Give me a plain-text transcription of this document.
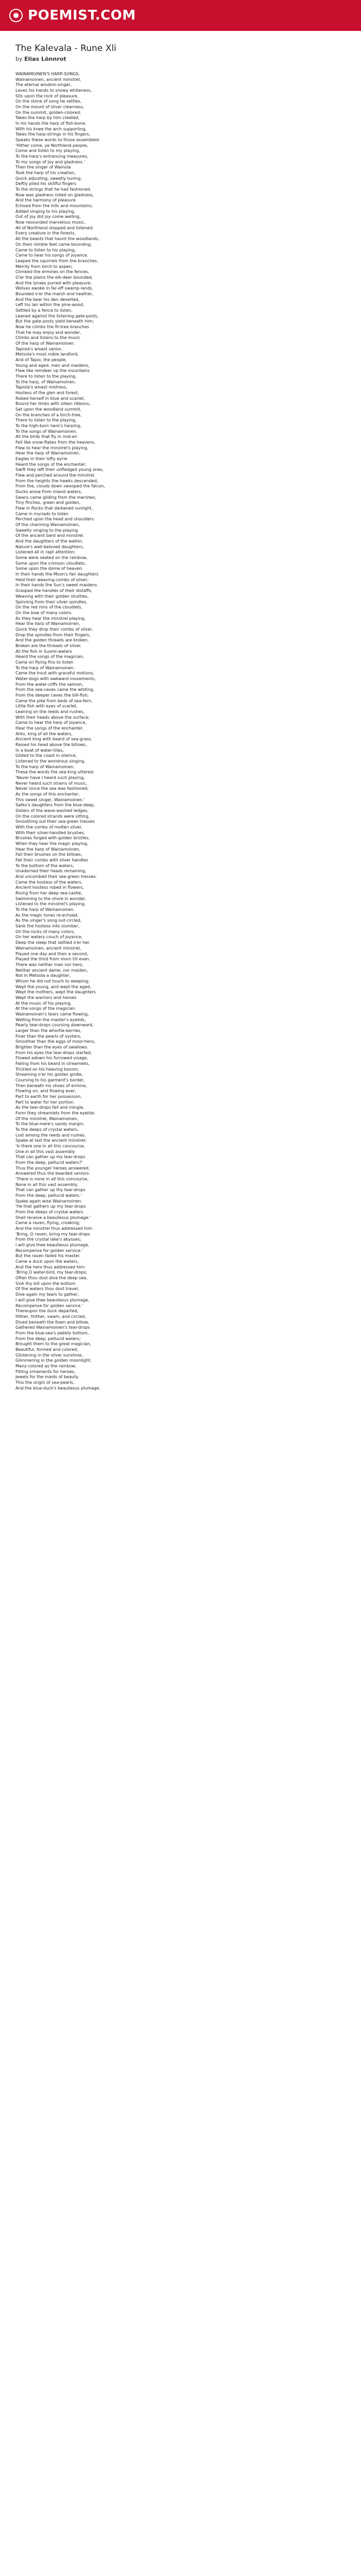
POEMIST.COM
The Kalevala - Rune Xli
by Elias Lönnrot
WAINAMOINEN'S HARP-SONGS.
Wainamoinen, ancient minstrel,
The eternal wisdom-singer,
Laves his hands to snowy whiteness,
Sits upon the rock of pleasure,
On the stone of song he settles,
On the mount of silver clearness,
On the summit, golden-colored;
Takes the harp by him created,
In his hands the harp of fish-bone,
With his knee the arch supporting,
Takes the harp-strings in his fingers,
Speaks these words to those assembled:
'Hither come, ye Northland people,
Come and listen to my playing,
To the harp's entrancing measures,
To my songs of joy and gladness.'
Then the singer of Wainola
Took the harp of his creation,
Quick adjusting, sweetly tuning,
Deftly plied his skillful fingers
To the strings that he had fashioned.
Now was gladness rolled on gladness,
And the harmony of pleasure
Echoed from the hills and mountains;
Added singing to his playing,
Out of joy did joy come welling,
Now resounded marvelous music,
All of Northland stopped and listened.
Every creature in the forests,
All the beasts that haunt the woodlands,
On their nimble feet came bounding,
Came to listen to his playing,
Came to hear his songs of joyance.
Leaped the squirrels from the branches,
Merrily from birch to aspen;
Climbed the ermines on the fences,
O'er the plains the elk-deer bounded,
And the lynxes purred with pleasure;
Wolves awoke in far-off swamp-lands,
Bounded o'er the marsh and heather,
And the bear his den deserted,
Left his lair within the pine-wood,
Settled by a fence to listen,
Leaned against the listening gate-posts,
But the gate-posts yield beneath him;
Now he climbs the fir-tree branches
That he may enjoy and wonder,
Climbs and listens to the music
Of the harp of Wainamoinen.
Tapiola's wisest senior,
Metsola's most noble landlord,
And of Tapio, the people,
Young and aged, men and maidens,
Flew like reindeer up the mountains
There to listen to the playing,
To the harp, of Wainamoinen.
Tapiola's wisest mistress,
Hostess of the glen and forest,
Robed herself in blue and scarlet,
Bound her limbs with silken ribbons,
Sat upon the woodland summit,
On the branches of a birch-tree,
There to listen to the playing,
To the high-born hero's harping,
To the songs of Wainamoinen.
All the birds that fly in mid-air
Fell like snow-flakes from the heavens,
Flew to hear the minstrel's playing,
Hear the harp of Wainamoinen.
Eagles in their lofty eyrie
Heard the songs of the enchanter;
Swift they left their unfledged young ones,
Flew and perched around the minstrel.
From the heights the hawks descended,
From the, clouds down swooped the falcon,
Ducks arose from inland waters,
Swans came gliding from the marshes;
Tiny finches, green and golden,
Flew in flocks that darkened sunlight,
Came in myriads to listen
Perched upon the head and shoulders
Of the charming Wainamoinen,
Sweetly singing to the playing
Of the ancient bard and minstrel.
And the daughters of the welkin,
Nature's well-beloved daughters,
Listened all in rapt attention;
Some were seated on the rainbow,
Some upon the crimson cloudlets,
Some upon the dome of heaven.
In their hands the Moon's fair daughters
Held their weaving-combs of silver;
In their hands the Sun's sweet maidens
Grasped the handles of their distaffs,
Weaving with their golden shuttles,
Spinning from their silver spindles,
On the red rims of the cloudlets,
On the bow of many colors.
As they hear the minstrel playing,
Hear the harp of Wainamoinen,
Quick they drop their combs of silver,
Drop the spindles from their fingers,
And the golden threads are broken,
Broken are the threads of silver.
All the fish in Suomi-waters
Heard the songs of the magician,
Came on flying fins to listen
To the harp of Wainamoinen.
Came the trout with graceful motions,
Water-dogs with awkward movements,
From the water-cliffs the salmon,
From the sea-caves came the whiting,
From the deeper caves the bill-fish;
Came the pike from beds of sea-fern,
Little fish with eyes of scarlet,
Leaning on the reeds and rushes,
With their heads above the surface;
Came to hear the harp of joyance,
Hear the songs of the enchanter.
Ahto, king of all the waters,
Ancient king with beard of sea-grass,
Raised his head above the billows,
In a boat of water-lilies,
Glided to the coast in silence,
Listened to the wondrous singing,
To the harp of Wainamoinen.
These the words the sea-king uttered:
'Never have I heard such playing,
Never heard such strains of music,
Never since the sea was fashioned,
As the songs of this enchanter,
This sweet singer, Wainamoinen.'
Satko's daughters from the blue-deep,
Sisters of the wave-washed ledges,
On the colored strands were sitting,
Smoothing out their sea-green tresses
With the combs of molten silver,
With their silver-handled brushes,
Brushes forged with golden bristles.
When they hear the magic playing,
Hear the harp of Wainamoinen,
Fall their brushes on the billows,
Fall their combs with silver handles
To the bottom of the waters,
Unadorned their heads remaining,
And uncombed their sea-green tresses.
Came the hostess of the waters,
Ancient hostess robed in flowers,
Rising from her deep sea-castle,
Swimming to the shore in wonder,
Listened to the minstrel's playing,
To the harp of Wainamoinen.
As the magic tones re-echoed,
As the singer's song out-circled,
Sank the hostess into slumber,
On the rocks of many colors,
On her watery couch of joyance,
Deep the sleep that settled o'er her.
Wainamoinen, ancient minstrel,
Played one day and then a second,
Played the third from morn till even.
There was neither man nor hero,
Neither ancient dame, nor maiden,
Not in Metsola a daughter,
Whom he did not touch to weeping;
Wept the young, and wept the aged,
Wept the mothers, wept the daughters
Wept the warriors and heroes
At the music of his playing,
At the songs of the magician.
Wainamoinen's tears came flowing,
Welling from the master's eyelids,
Pearly tear-drops coursing downward,
Larger than the whortle-berries,
Finer than the pearls of oysters,
Smoother than the eggs of moor-hens,
Brighter than the eyes of swallows.
From his eyes the tear-drops started,
Flowed adown his furrowed visage,
Falling from his beard in streamlets,
Trickled on his heaving bosom,
Streaming o'er his golden girdle,
Coursing to his garment's border,
Then beneath his shoes of ermine,
Flowing on, and flowing ever,
Part to earth for her possession,
Part to water for her portion.
As the tear-drops fall and mingle,
Form they streamlets from the eyelids
Of the minstrel, Wainamoinen,
To the blue-mere's sandy margin,
To the deeps of crystal waters,
Lost among the reeds and rushes.
Spake at last the ancient minstrel:
'Is there one in all this concourse,
One in all this vast assembly
That can gather up my tear-drops
From the deep, pellucid waters?'
Thus the younger heroes answered,
Answered thus the bearded seniors:
'There is none in all this concourse,
None in all this vast assembly,
That can gather up thy tear-drops
From the deep, pellucid waters.'
Spake again wise Wainamoinen:
'He that gathers up my tear-drops
From the deeps of crystal waters
Shall receive a beauteous plumage.'
Came a raven, flying, croaking;
And the minstrel thus addressed him:
'Bring, O raven, bring my tear-drops
From the crystal lake's abysses;
I will give thee beauteous plumage,
Recompense for golden service.'
But the raven failed his master.
Came a duck upon the waters,
And the hero thus addressed him:
'Bring O water-bird, my tear-drops;
Often thou dost dive the deep sea,
Sink thy bill upon the bottom
Of the waters thou dost travel;
Dive again my tears to gather,
I will give thee beauteous plumage,
Recompense for golden service.'
Thereupon the duck departed,
Hither, thither, swam, and circled,
Dived beneath the foam and billow,
Gathered Wainamoinen's tear-drops
From the blue-sea's pebbly bottom,
From the deep, pellucid waters;
Brought them to the great magician,
Beautiful, formed and colored,
Glistening in the silver sunshine,
Glimmering in the golden moonlight,
Many-colored as the rainbow,
Fitting ornaments for heroes,
Jewels for the maids of beauty.
This the origin of sea-pearls,
And the blue-duck's beauteous plumage.
